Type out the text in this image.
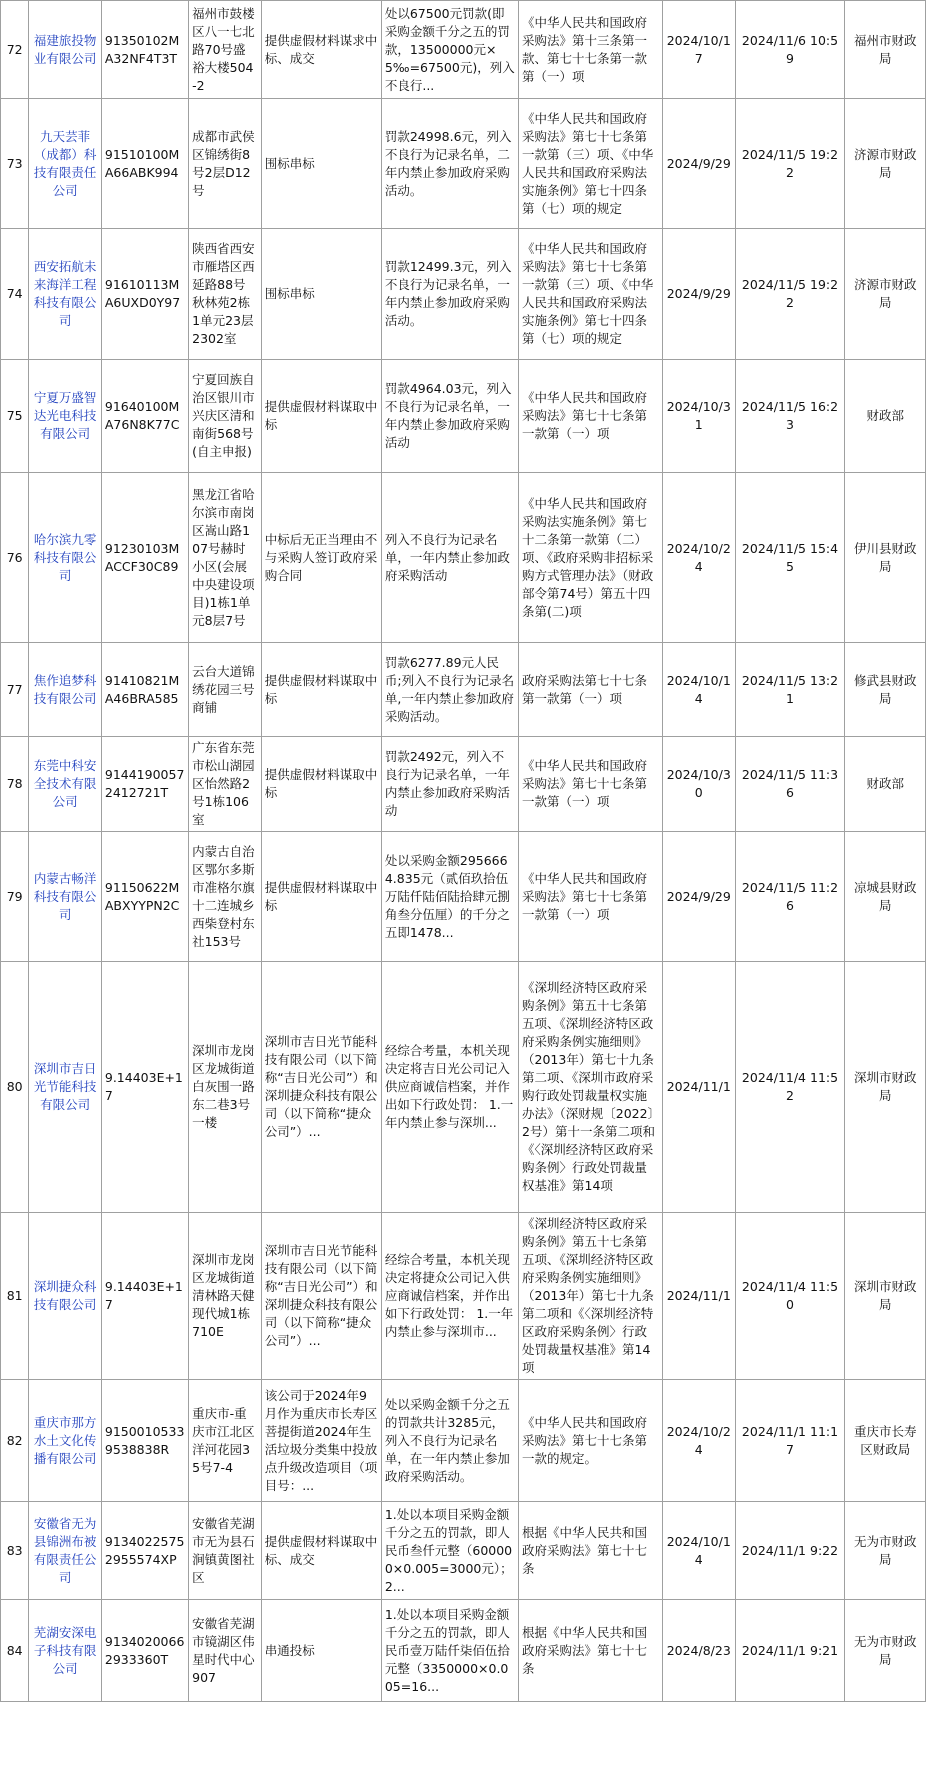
72	福建旅投物业有限公司	91350102MA32NF4T3T	福州市鼓楼区八一七北路70号盛裕大楼504-2	提供虚假材料谋求中标、成交	处以67500元罚款(即采购金额千分之五的罚款，13500000元×5‰=67500元)，列入不良行...	《中华人民共和国政府采购法》第十三条第一款、第七十七条第一款第（一）项	2024/10/17	2024/11/6 10:59	福州市财政局
73	九天芸菲（成都）科技有限责任公司	91510100MA66ABK994	成都市武侯区锦绣街8号2层D12号	围标串标	罚款24998.6元，列入不良行为记录名单，二年内禁止参加政府采购活动。	《中华人民共和国政府采购法》第七十七条第一款第（三）项、《中华人民共和国政府采购法实施条例》第七十四条第（七）项的规定	2024/9/29	2024/11/5 19:22	济源市财政局
74	西安拓航未来海洋工程科技有限公司	91610113MA6UXD0Y97	陕西省西安市雁塔区西延路88号秋林苑2栋1单元23层2302室	围标串标	罚款12499.3元，列入不良行为记录名单，一年内禁止参加政府采购活动。	《中华人民共和国政府采购法》第七十七条第一款第（三）项、《中华人民共和国政府采购法实施条例》第七十四条第（七）项的规定	2024/9/29	2024/11/5 19:22	济源市财政局
75	宁夏万盛智达光电科技有限公司	91640100MA76N8K77C	宁夏回族自治区银川市兴庆区清和南街568号(自主申报)	提供虚假材料谋取中标	罚款4964.03元，列入不良行为记录名单，一年内禁止参加政府采购活动	《中华人民共和国政府采购法》第七十七条第一款第（一）项	2024/10/31	2024/11/5 16:23	财政部
76	哈尔滨九零科技有限公司	91230103MACCF30C89	黑龙江省哈尔滨市南岗区嵩山路107号赫时小区(会展中央建设项目)1栋1单元8层7号	中标后无正当理由不与采购人签订政府采购合同	列入不良行为记录名单，一年内禁止参加政府采购活动	《中华人民共和国政府采购法实施条例》第七十二条第一款第（二）项、《政府采购非招标采购方式管理办法》（财政部令第74号）第五十四条第(二)项	2024/10/24	2024/11/5 15:45	伊川县财政局
77	焦作追梦科技有限公司	91410821MA46BRA585	云台大道锦绣花园三号商铺	提供虚假材料谋取中标	罚款6277.89元人民币;列入不良行为记录名单,一年内禁止参加政府采购活动。	政府采购法第七十七条第一款第（一）项	2024/10/14	2024/11/5 13:21	修武县财政局
78	东莞中科安全技术有限公司	91441900572412721T	广东省东莞市松山湖园区怡然路2号1栋106室	提供虚假材料谋取中标	罚款2492元，列入不良行为记录名单，一年内禁止参加政府采购活动	《中华人民共和国政府采购法》第七十七条第一款第（一）项	2024/10/30	2024/11/5 11:36	财政部
79	内蒙古畅洋科技有限公司	91150622MABXYYPN2C	内蒙古自治区鄂尔多斯市准格尔旗十二连城乡西柴登村东社153号	提供虚假材料谋取中标	处以采购金额2956664.835元（贰佰玖拾伍万陆仟陆佰陆拾肆元捌角叁分伍厘）的千分之五即1478...	《中华人民共和国政府采购法》第七十七条第一款第（一）项	2024/9/29	2024/11/5 11:26	凉城县财政局
80	深圳市吉日光节能科技有限公司	9.14403E+17	深圳市龙岗区龙城街道白灰围一路东二巷3号一楼	深圳市吉日光节能科技有限公司（以下简称“吉日光公司”）和深圳捷众科技有限公司（以下简称“捷众公司”）...	经综合考量，本机关现决定将吉日光公司记入供应商诚信档案，并作出如下行政处罚： 1.一年内禁止参与深圳...	《深圳经济特区政府采购条例》第五十七条第五项、《深圳经济特区政府采购条例实施细则》（2013年）第七十九条第二项、《深圳市政府采购行政处罚裁量权实施办法》（深财规〔2022〕2号）第十一条第二项和《〈深圳经济特区政府采购条例〉行政处罚裁量权基准》第14项	2024/11/1	2024/11/4 11:52	深圳市财政局
81	深圳捷众科技有限公司	9.14403E+17	深圳市龙岗区龙城街道清林路天健现代城1栋710E	深圳市吉日光节能科技有限公司（以下简称“吉日光公司”）和深圳捷众科技有限公司（以下简称“捷众公司”）...	经综合考量，本机关现决定将捷众公司记入供应商诚信档案，并作出如下行政处罚： 1.一年内禁止参与深圳市...	《深圳经济特区政府采购条例》第五十七条第五项、《深圳经济特区政府采购条例实施细则》（2013年）第七十九条第二项和《〈深圳经济特区政府采购条例〉行政处罚裁量权基准》第14项	2024/11/1	2024/11/4 11:50	深圳市财政局
82	重庆市那方水土文化传播有限公司	91500105339538838R	重庆市-重庆市江北区洋河花园35号7-4	该公司于2024年9月作为重庆市长寿区菩提街道2024年生活垃圾分类集中投放点升级改造项目（项目号：...	处以采购金额千分之五的罚款共计3285元，列入不良行为记录名单，在一年内禁止参加政府采购活动。	《中华人民共和国政府采购法》第七十七条第一款的规定。	2024/10/24	2024/11/1 11:17	重庆市长寿区财政局
83	安徽省无为县锦洲布被有限责任公司	91340225752955574XP	安徽省芜湖市无为县石涧镇黄图社区	提供虚假材料谋取中标、成交	1.处以本项目采购金额千分之五的罚款，即人民币叁仟元整（600000×0.005=3000元）；2...	根据《中华人民共和国政府采购法》第七十七条	2024/10/14	2024/11/1 9:22	无为市财政局
84	芜湖安深电子科技有限公司	91340200662933360T	安徽省芜湖市镜湖区伟星时代中心907	串通投标	1.处以本项目采购金额千分之五的罚款，即人民币壹万陆仟柒佰伍拾元整（3350000×0.005=16...	根据《中华人民共和国政府采购法》第七十七条	2024/8/23	2024/11/1 9:21	无为市财政局
